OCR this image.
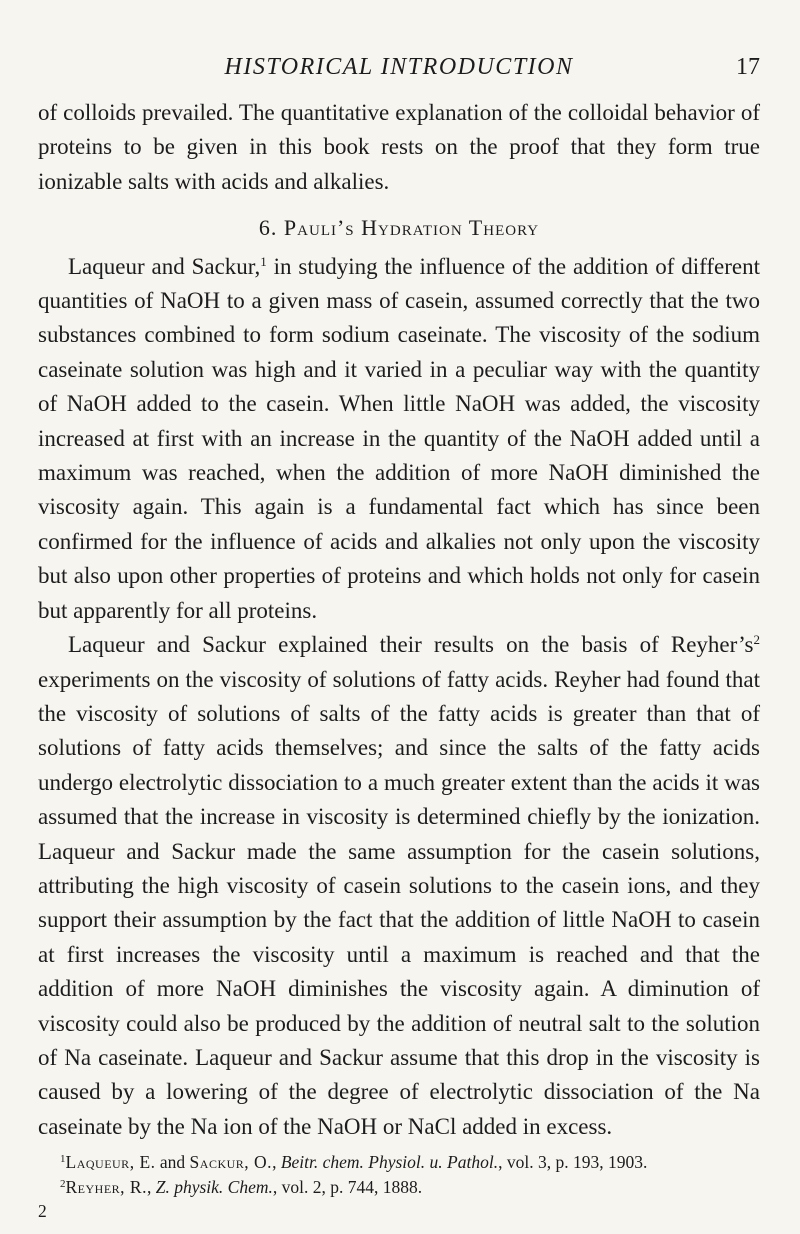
HISTORICAL INTRODUCTION	17

of colloids prevailed. The quantitative explanation of the colloidal behavior of proteins to be given in this book rests on the proof that they form true ionizable salts with acids and alkalies.

6. Pauli’s Hydration Theory

Laqueur and Sackur,$^1$ in studying the influence of the addition of different quantities of NaOH to a given mass of casein, assumed correctly that the two substances combined to form sodium caseinate. The viscosity of the sodium caseinate solution was high and it varied in a peculiar way with the quantity of NaOH added to the casein. When little NaOH was added, the viscosity increased at first with an increase in the quantity of the NaOH added until a maximum was reached, when the addition of more NaOH diminished the viscosity again. This again is a fundamental fact which has since been confirmed for the influence of acids and alkalies not only upon the viscosity but also upon other properties of proteins and which holds not only for casein but apparently for all proteins.

Laqueur and Sackur explained their results on the basis of $Reyher’s^2$ experiments on the viscosity of solutions of fatty acids. Reyher had found that the viscosity of solutions of salts of the fatty acids is greater than that of solutions of fatty acids themselves; and since the salts of the fatty acids undergo electrolytic dissociation to a much greater extent than the acids it was assumed that the increase in viscosity is determined chiefly by the ionization. Laqueur and Sackur made the same assumption for the casein solutions, attributing the high viscosity of casein solutions to the casein ions, and they support their assumption by the fact that the addition of little NaOH to casein at first increases the viscosity until a maximum is reached and that the addition of more NaOH diminishes the viscosity again. A diminution of viscosity could also be produced by the addition of neutral salt to the solution of Na caseinate. Laqueur and Sackur assume that this drop in the viscosity is caused by a lowering of the degree of electrolytic dissociation of the Na caseinate by the Na ion of the NaOH or NaCl added in excess.

$^1$Laqueur, E. and Sackur, O., Beitr. chem. Physiol. u. Pathol., vol. 3, p. 193, 1903.

$^2$Reyher, R., Z. physik. Chem., vol. 2, p. 744, 1888.

2
